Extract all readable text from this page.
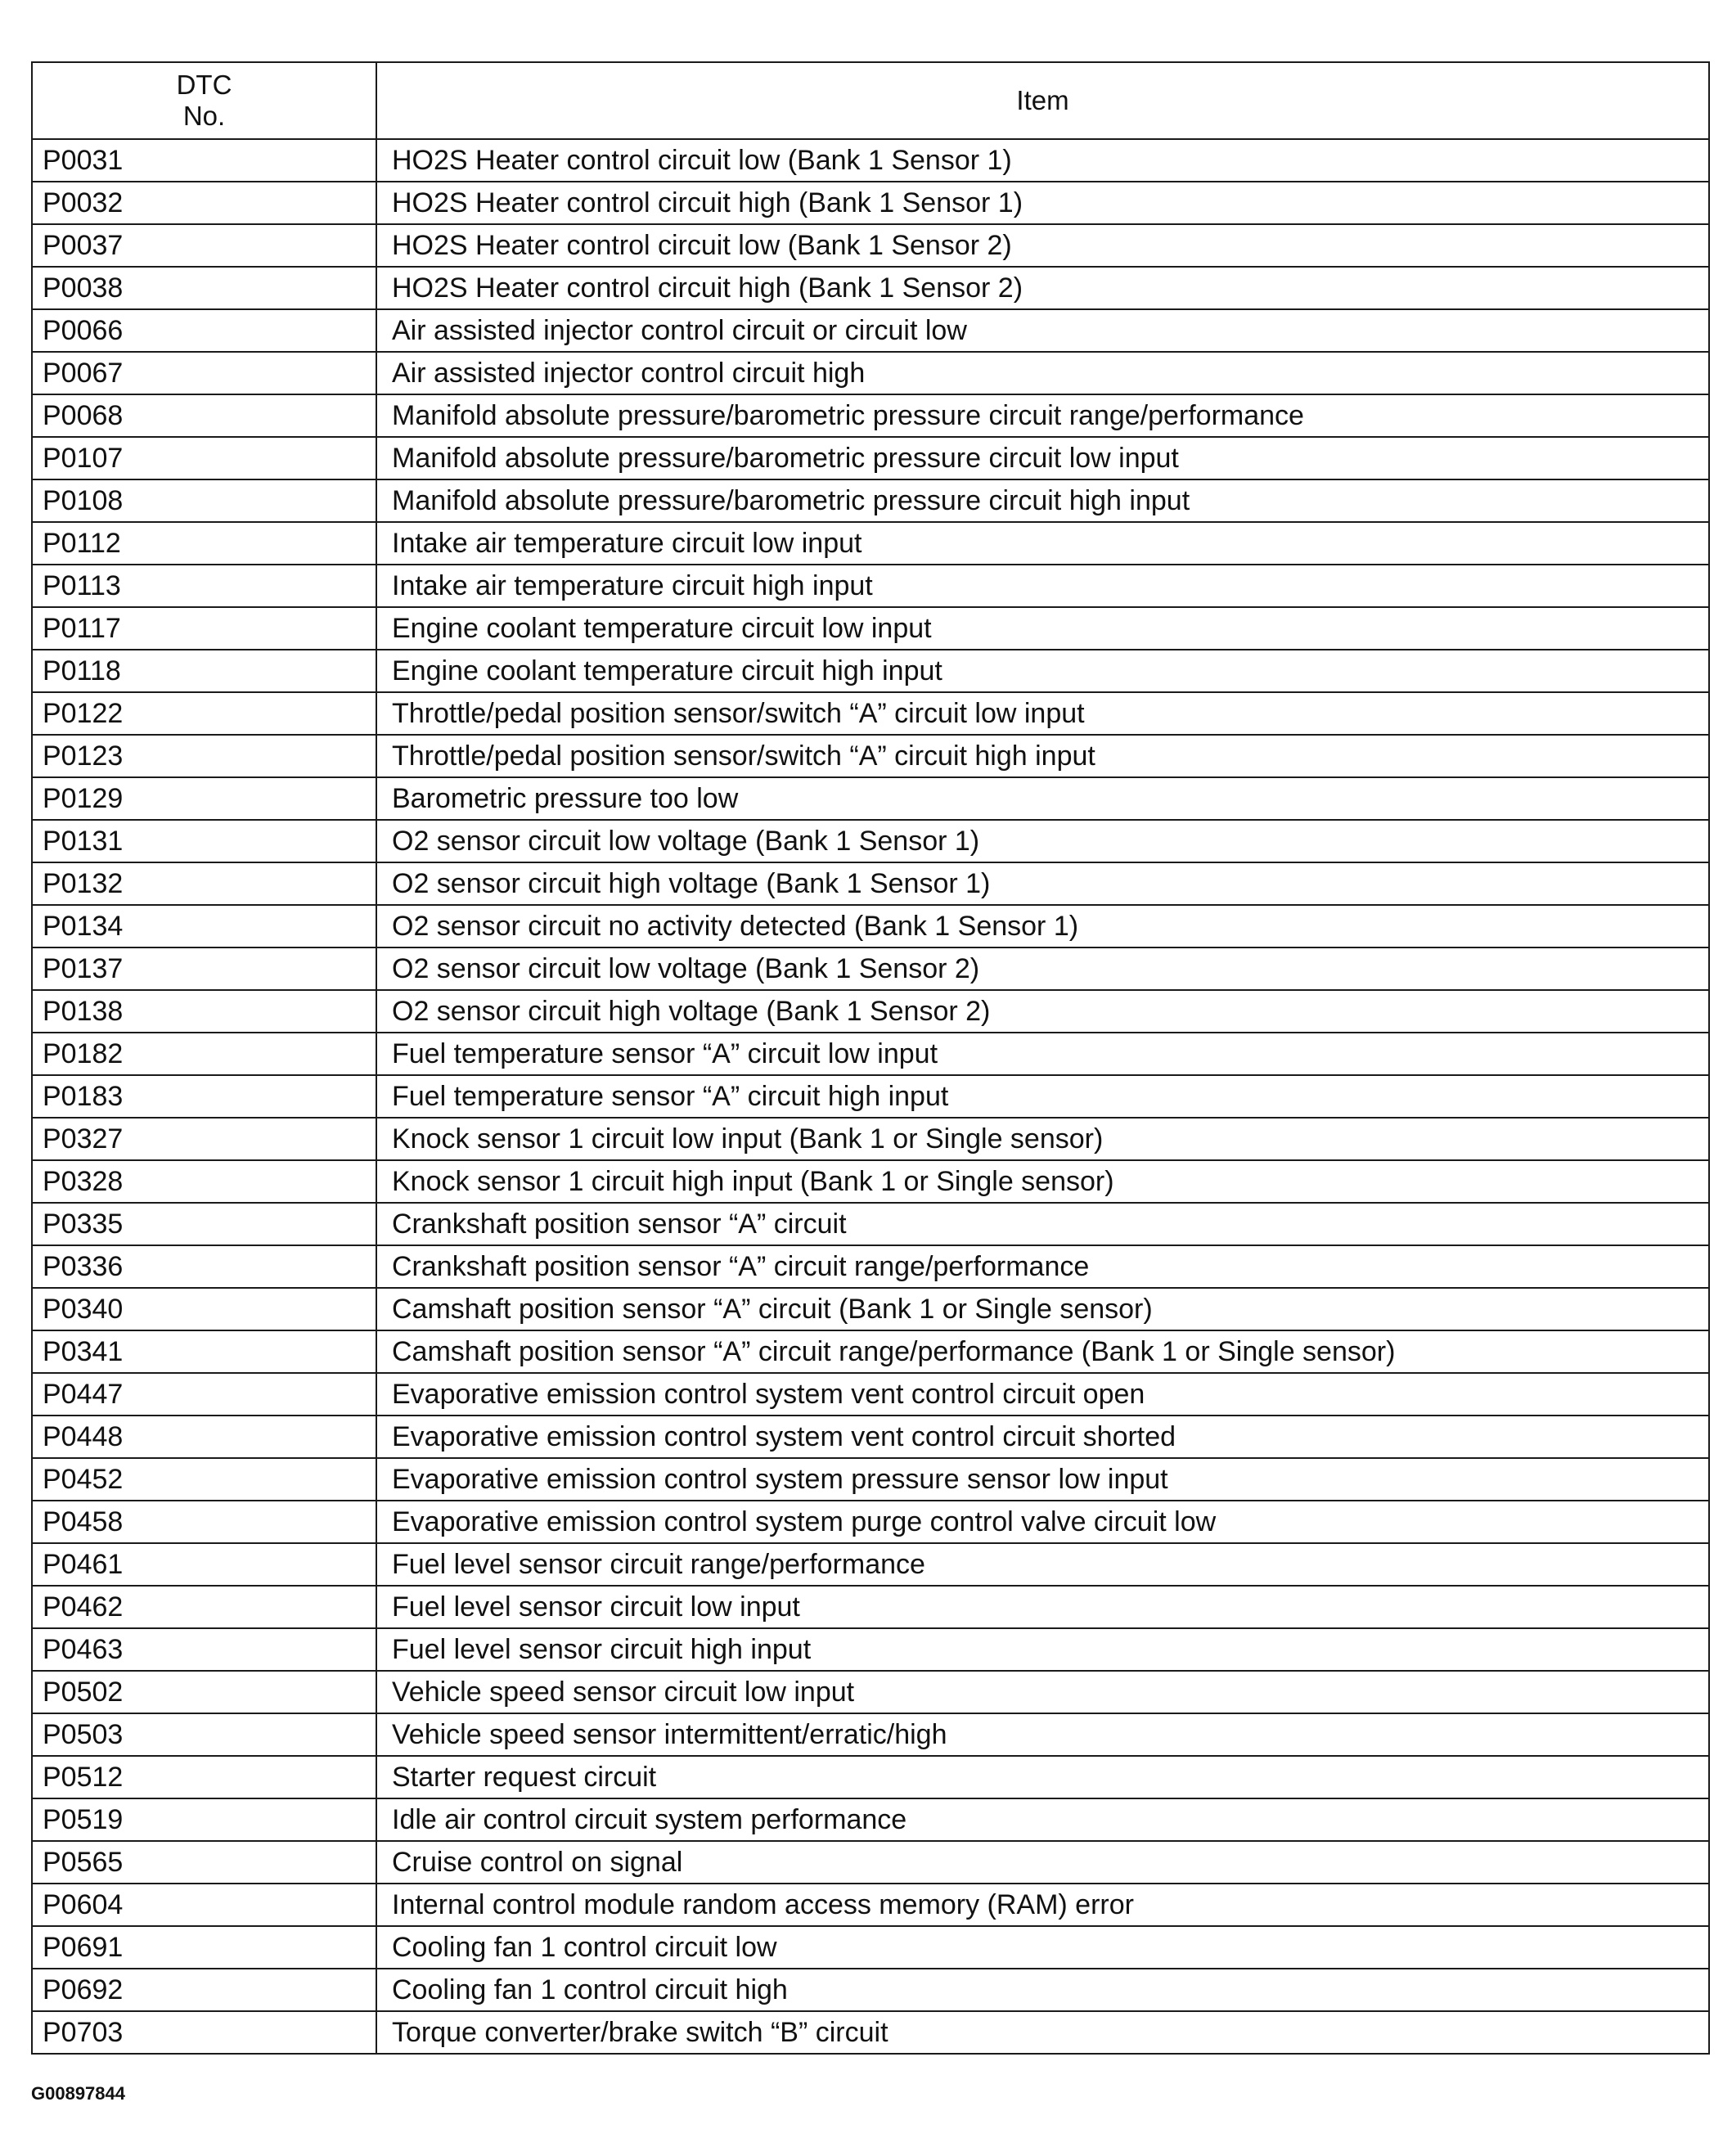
DTC
No.	Item
P0031	HO2S Heater control circuit low (Bank 1 Sensor 1)
P0032	HO2S Heater control circuit high (Bank 1 Sensor 1)
P0037	HO2S Heater control circuit low (Bank 1 Sensor 2)
P0038	HO2S Heater control circuit high (Bank 1 Sensor 2)
P0066	Air assisted injector control circuit or circuit low
P0067	Air assisted injector control circuit high
P0068	Manifold absolute pressure/barometric pressure circuit range/performance
P0107	Manifold absolute pressure/barometric pressure circuit low input
P0108	Manifold absolute pressure/barometric pressure circuit high input
P0112	Intake air temperature circuit low input
P0113	Intake air temperature circuit high input
P0117	Engine coolant temperature circuit low input
P0118	Engine coolant temperature circuit high input
P0122	Throttle/pedal position sensor/switch “A” circuit low input
P0123	Throttle/pedal position sensor/switch “A” circuit high input
P0129	Barometric pressure too low
P0131	O2 sensor circuit low voltage (Bank 1 Sensor 1)
P0132	O2 sensor circuit high voltage (Bank 1 Sensor 1)
P0134	O2 sensor circuit no activity detected (Bank 1 Sensor 1)
P0137	O2 sensor circuit low voltage (Bank 1 Sensor 2)
P0138	O2 sensor circuit high voltage (Bank 1 Sensor 2)
P0182	Fuel temperature sensor “A” circuit low input
P0183	Fuel temperature sensor “A” circuit high input
P0327	Knock sensor 1 circuit low input (Bank 1 or Single sensor)
P0328	Knock sensor 1 circuit high input (Bank 1 or Single sensor)
P0335	Crankshaft position sensor “A” circuit
P0336	Crankshaft position sensor “A” circuit range/performance
P0340	Camshaft position sensor “A” circuit (Bank 1 or Single sensor)
P0341	Camshaft position sensor “A” circuit range/performance (Bank 1 or Single sensor)
P0447	Evaporative emission control system vent control circuit open
P0448	Evaporative emission control system vent control circuit shorted
P0452	Evaporative emission control system pressure sensor low input
P0458	Evaporative emission control system purge control valve circuit low
P0461	Fuel level sensor circuit range/performance
P0462	Fuel level sensor circuit low input
P0463	Fuel level sensor circuit high input
P0502	Vehicle speed sensor circuit low input
P0503	Vehicle speed sensor intermittent/erratic/high
P0512	Starter request circuit
P0519	Idle air control circuit system performance
P0565	Cruise control on signal
P0604	Internal control module random access memory (RAM) error
P0691	Cooling fan 1 control circuit low
P0692	Cooling fan 1 control circuit high
P0703	Torque converter/brake switch “B” circuit
G00897844
